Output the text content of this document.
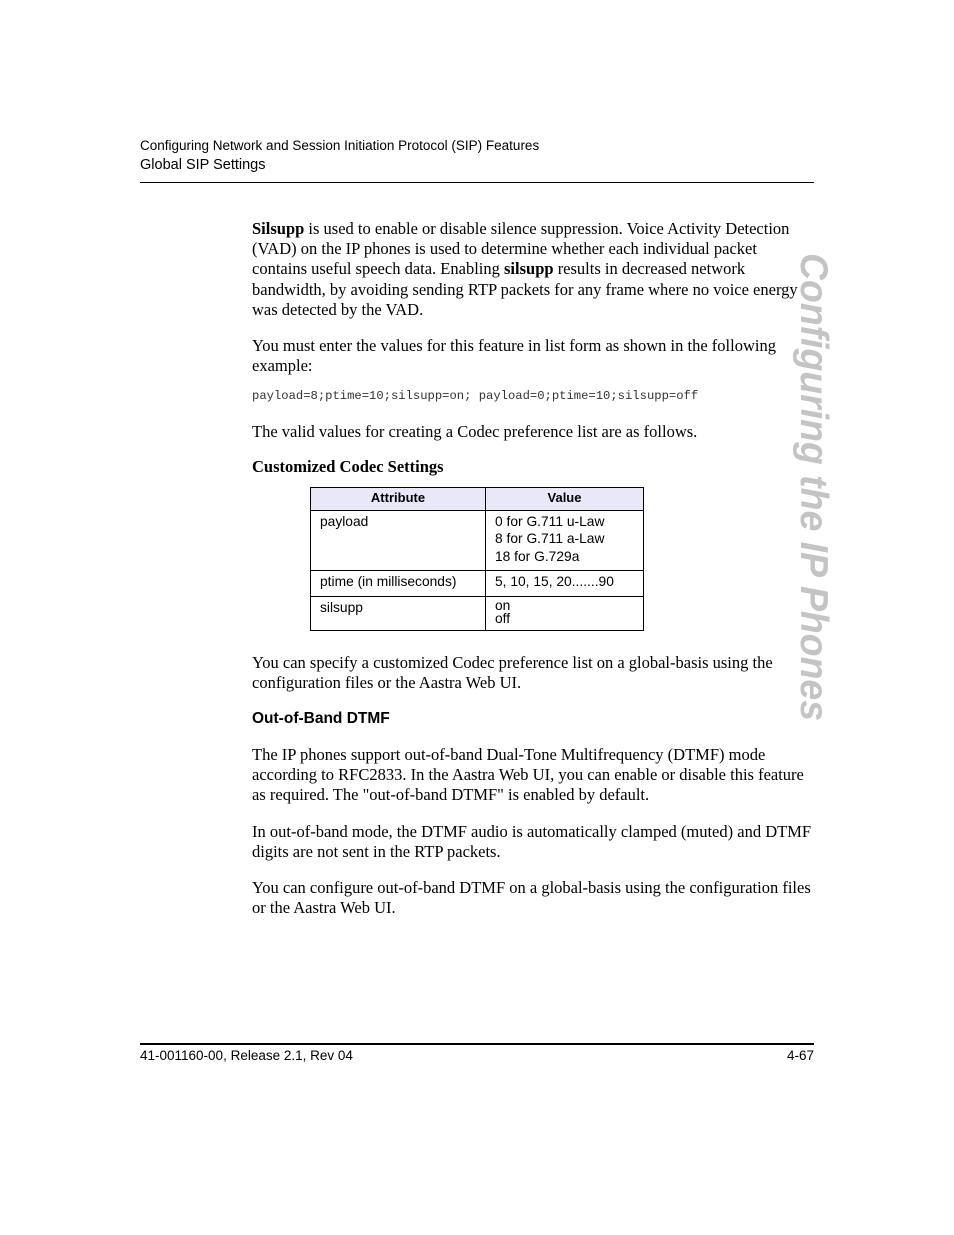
Configuring Network and Session Initiation Protocol (SIP) Features
Global SIP Settings
Configuring the IP Phones

Silsupp is used to enable or disable silence suppression. Voice Activity Detection (VAD) on the IP phones is used to determine whether each individual packet contains useful speech data. Enabling silsupp results in decreased network bandwidth, by avoiding sending RTP packets for any frame where no voice energy was detected by the VAD.

You must enter the values for this feature in list form as shown in the following example:

payload=8;ptime=10;silsupp=on; payload=0;ptime=10;silsupp=off

The valid values for creating a Codec preference list are as follows.

Customized Codec Settings
Attribute	Value
payload	0 for G.711 u-Law
8 for G.711 a-Law
18 for G.729a

ptime (in milliseconds)	5, 10, 15, 20.......90

silsupp	on
off

You can specify a customized Codec preference list on a global-basis using the configuration files or the Aastra Web UI.

Out-of-Band DTMF

The IP phones support out-of-band Dual-Tone Multifrequency (DTMF) mode according to RFC2833. In the Aastra Web UI, you can enable or disable this feature as required. The "out-of-band DTMF" is enabled by default.

In out-of-band mode, the DTMF audio is automatically clamped (muted) and DTMF digits are not sent in the RTP packets.

You can configure out-of-band DTMF on a global-basis using the configuration files or the Aastra Web UI.

41-001160-00, Release 2.1, Rev 04	4-67
